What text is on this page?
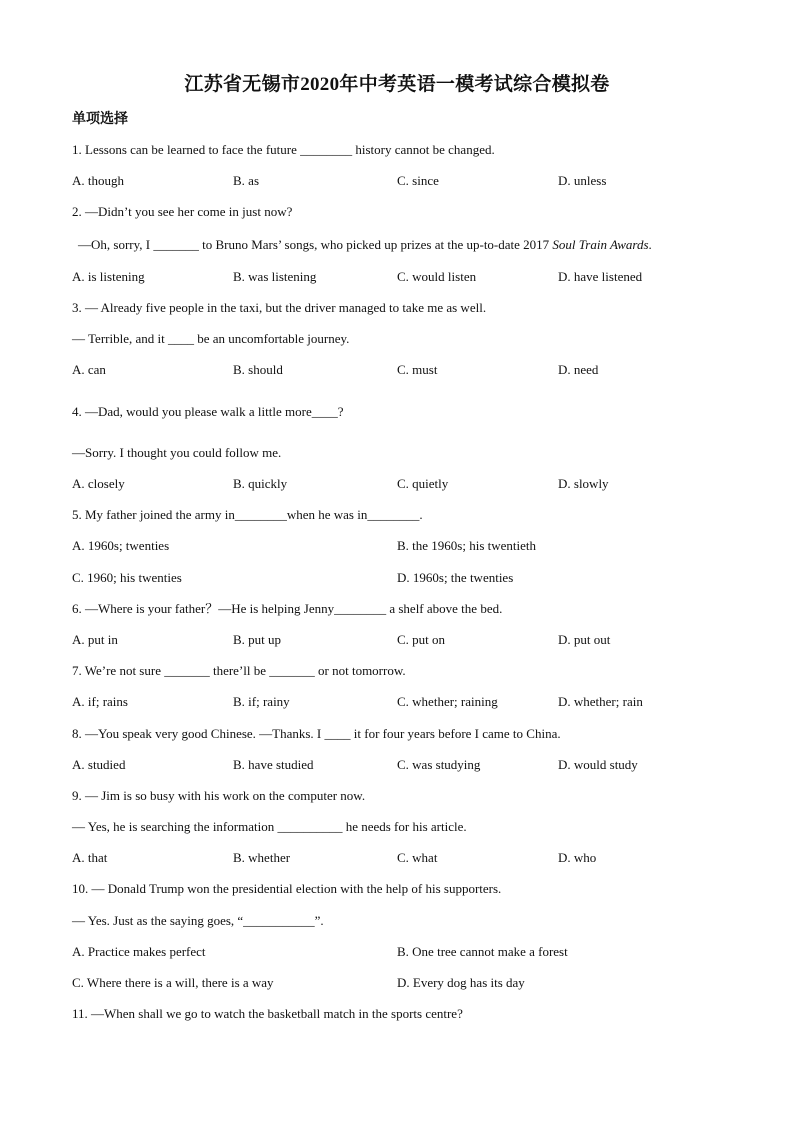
江苏省无锡市2020年中考英语一模考试综合模拟卷
单项选择
1. Lessons can be learned to face the future ________ history cannot be changed.
A. though	B. as	C. since	D. unless
2. —Didn’t you see her come in just now?
—Oh, sorry, I _______ to Bruno Mars’ songs, who picked up prizes at the up-to-date 2017 Soul Train Awards.
A. is listening	B. was listening	C. would listen	D. have listened
3. — Already five people in the taxi, but the driver managed to take me as well.
— Terrible, and it ____ be an uncomfortable journey.
A. can	B. should	C. must	D. need
4. —Dad, would you please walk a little more____?
—Sorry. I thought you could follow me.
A. closely	B. quickly	C. quietly	D. slowly
5. My father joined the army in________when he was in________.
A. 1960s; twenties	B. the 1960s; his twentieth
C. 1960; his twenties	D. 1960s; the twenties
6. —Where is your father？—He is helping Jenny________ a shelf above the bed.
A. put in	B. put up	C. put on	D. put out
7. We’re not sure _______ there’ll be _______ or not tomorrow.
A. if; rains	B. if; rainy	C. whether; raining	D. whether; rain
8. —You speak very good Chinese. —Thanks. I ____ it for four years before I came to China.
A. studied	B. have studied	C. was studying	D. would study
9. — Jim is so busy with his work on the computer now.
— Yes, he is searching the information __________ he needs for his article.
A. that	B. whether	C. what	D. who
10. — Donald Trump won the presidential election with the help of his supporters.
— Yes. Just as the saying goes, “___________”.
A. Practice makes perfect	B. One tree cannot make a forest
C. Where there is a will, there is a way	D. Every dog has its day
11. —When shall we go to watch the basketball match in the sports centre?
